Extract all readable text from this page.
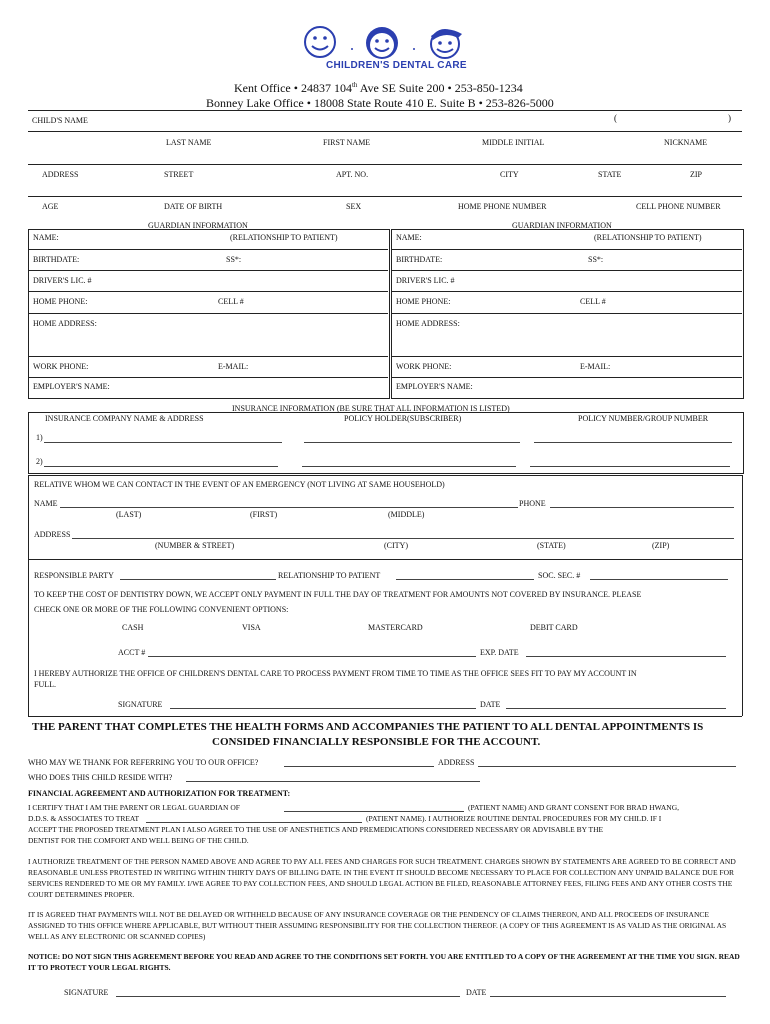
CHILDREN'S DENTAL CARE
Kent Office • 24837 104th Ave SE Suite 200 • 253-850-1234
Bonney Lake Office • 18008 State Route 410 E. Suite B • 253-826-5000
CHILD'S NAME	(	)
LAST NAME	FIRST NAME	MIDDLE INITIAL	NICKNAME
ADDRESS	STREET	APT. NO.	CITY	STATE	ZIP
AGE	DATE OF BIRTH	SEX	HOME PHONE NUMBER	CELL PHONE NUMBER
GUARDIAN INFORMATION	GUARDIAN INFORMATION
NAME:	(RELATIONSHIP TO PATIENT)
BIRTHDATE:	SS*:
DRIVER'S LIC. #
HOME PHONE:	CELL #
HOME ADDRESS:
WORK PHONE:	E-MAIL:
EMPLOYER'S NAME:
NAME:	(RELATIONSHIP TO PATIENT)
BIRTHDATE:	SS*:
DRIVER'S LIC. #
HOME PHONE:	CELL #
HOME ADDRESS:
WORK PHONE:	E-MAIL:
EMPLOYER'S NAME:
INSURANCE INFORMATION (BE SURE THAT ALL INFORMATION IS LISTED)
INSURANCE COMPANY NAME & ADDRESS	POLICY HOLDER(SUBSCRIBER)	POLICY NUMBER/GROUP NUMBER
1)
2)
RELATIVE WHOM WE CAN CONTACT IN THE EVENT OF AN EMERGENCY (NOT LIVING AT SAME HOUSEHOLD)
NAME	PHONE
(LAST)	(FIRST)	(MIDDLE)
ADDRESS
(NUMBER & STREET)	(CITY)	(STATE)	(ZIP)
RESPONSIBLE PARTY	RELATIONSHIP TO PATIENT	SOC. SEC. #
TO KEEP THE COST OF DENTISTRY DOWN, WE ACCEPT ONLY PAYMENT IN FULL THE DAY OF TREATMENT FOR AMOUNTS NOT COVERED BY INSURANCE. PLEASE
CHECK ONE OR MORE OF THE FOLLOWING CONVENIENT OPTIONS:
CASH	VISA	MASTERCARD	DEBIT CARD
ACCT #	EXP. DATE
I HEREBY AUTHORIZE THE OFFICE OF CHILDREN'S DENTAL CARE TO PROCESS PAYMENT FROM TIME TO TIME AS THE OFFICE SEES FIT TO PAY MY ACCOUNT IN
FULL.
SIGNATURE	DATE
THE PARENT THAT COMPLETES THE HEALTH FORMS AND ACCOMPANIES THE PATIENT TO ALL DENTAL APPOINTMENTS IS
CONSIDED FINANCIALLY RESPONSIBLE FOR THE ACCOUNT.
WHO MAY WE THANK FOR REFERRING YOU TO OUR OFFICE?	ADDRESS
WHO DOES THIS CHILD RESIDE WITH?
FINANCIAL AGREEMENT AND AUTHORIZATION FOR TREATMENT:
I CERTIFY THAT I AM THE PARENT OR LEGAL GUARDIAN OF	(PATIENT NAME) AND GRANT CONSENT FOR BRAD HWANG,
D.D.S. & ASSOCIATES TO TREAT	(PATIENT NAME). I AUTHORIZE ROUTINE DENTAL PROCEDURES FOR MY CHILD. IF I
ACCEPT THE PROPOSED TREATMENT PLAN I ALSO AGREE TO THE USE OF ANESTHETICS AND PREMEDICATIONS CONSIDERED NECESSARY OR ADVISABLE BY THE
DENTIST FOR THE COMFORT AND WELL BEING OF THE CHILD.
I AUTHORIZE TREATMENT OF THE PERSON NAMED ABOVE AND AGREE TO PAY ALL FEES AND CHARGES FOR SUCH TREATMENT. CHARGES SHOWN BY STATEMENTS ARE AGREED TO BE CORRECT AND REASONABLE UNLESS PROTESTED IN WRITING WITHIN THIRTY DAYS OF BILLING DATE. IN THE EVENT IT SHOULD BECOME NECESSARY TO PLACE FOR COLLECTION ANY UNPAID BALANCE DUE FOR SERVICES RENDERED TO ME OR MY FAMILY. I/WE AGREE TO PAY COLLECTION FEES, AND SHOULD LEGAL ACTION BE FILED, REASONABLE ATTORNEY FEES, FILING FEES AND ANY OTHER COSTS THE COURT DETERMINES PROPER.
IT IS AGREED THAT PAYMENTS WILL NOT BE DELAYED OR WITHHELD BECAUSE OF ANY INSURANCE COVERAGE OR THE PENDENCY OF CLAIMS THEREON, AND ALL PROCEEDS OF INSURANCE ASSIGNED TO THIS OFFICE WHERE APPLICABLE, BUT WITHOUT THEIR ASSUMING RESPONSIBILITY FOR THE COLLECTION THEREOF. (A COPY OF THIS AGREEMENT IS AS VALID AS THE ORIGINAL AS WELL AS ANY ELECTRONIC OR SCANNED COPIES)
NOTICE: DO NOT SIGN THIS AGREEMENT BEFORE YOU READ AND AGREE TO THE CONDITIONS SET FORTH. YOU ARE ENTITLED TO A COPY OF THE AGREEMENT AT THE TIME YOU SIGN. READ IT TO PROTECT YOUR LEGAL RIGHTS.
SIGNATURE	DATE
